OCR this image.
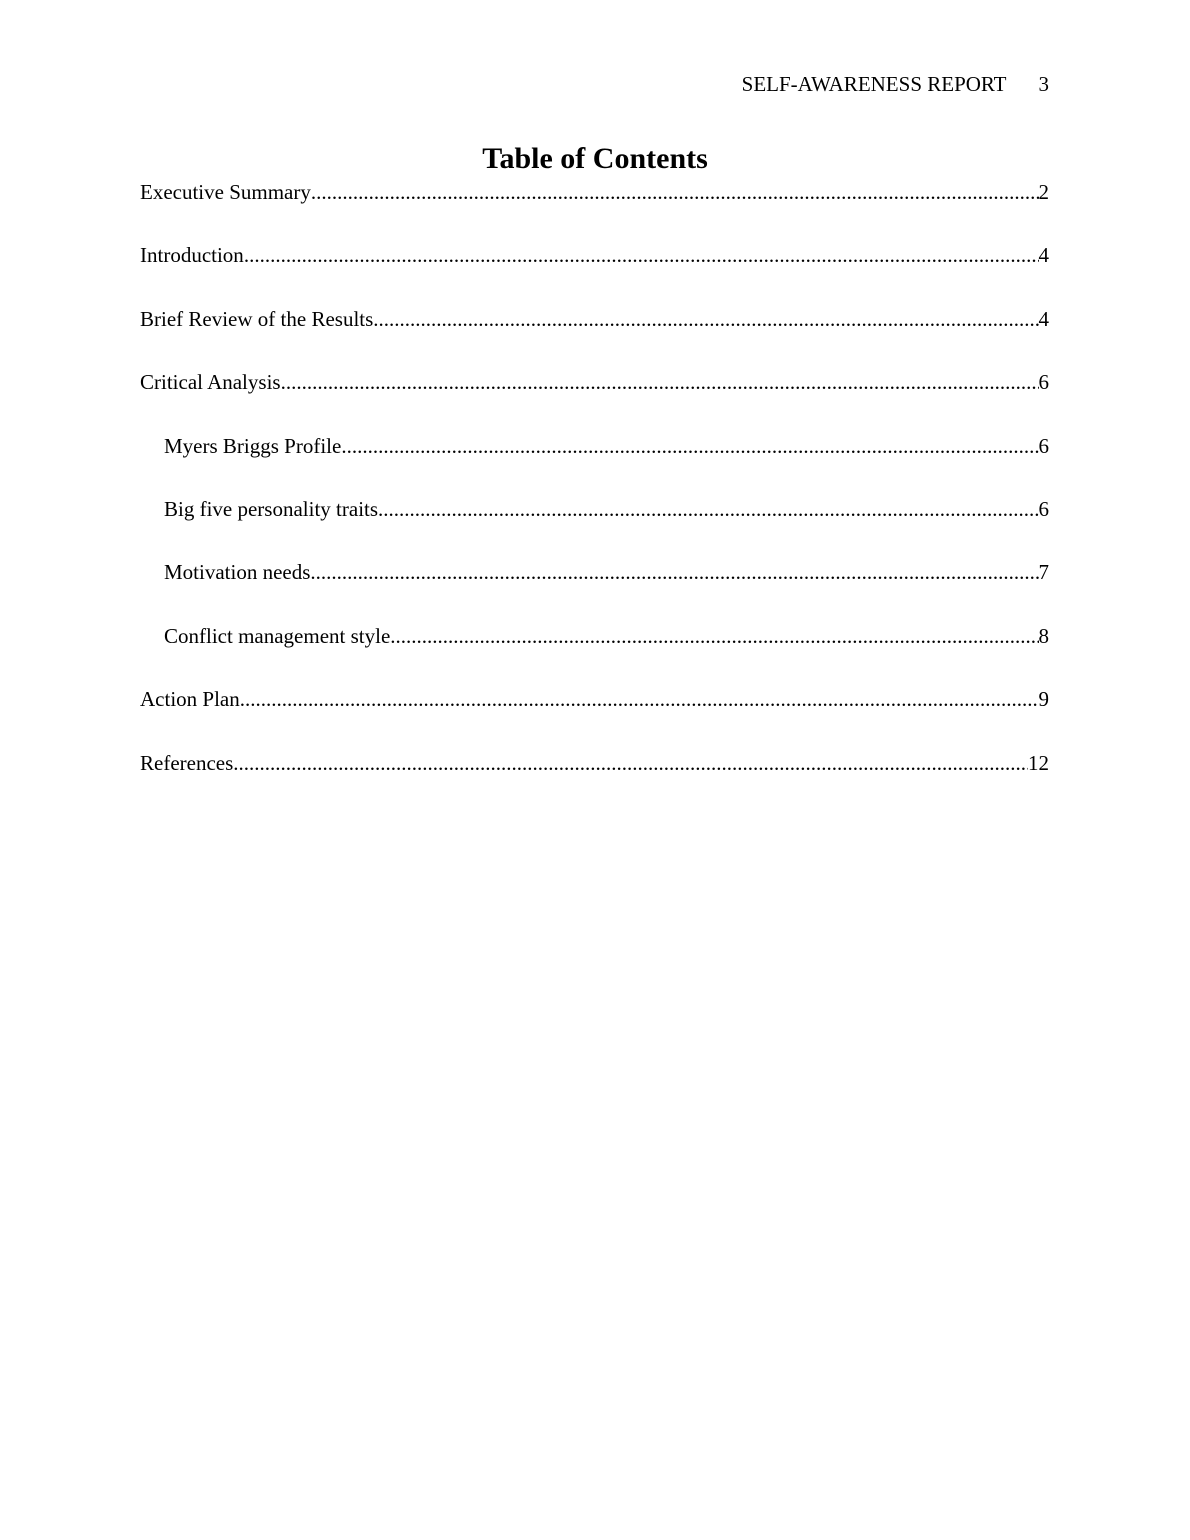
SELF-AWARENESS REPORT 3
Table of Contents
Executive Summary .....	2
Introduction .....	4
Brief Review of the Results .....	4
Critical Analysis .....	6
Myers Briggs Profile .....	6
Big five personality traits .....	6
Motivation needs .....	7
Conflict management style .....	8
Action Plan .....	9
References .....	12
